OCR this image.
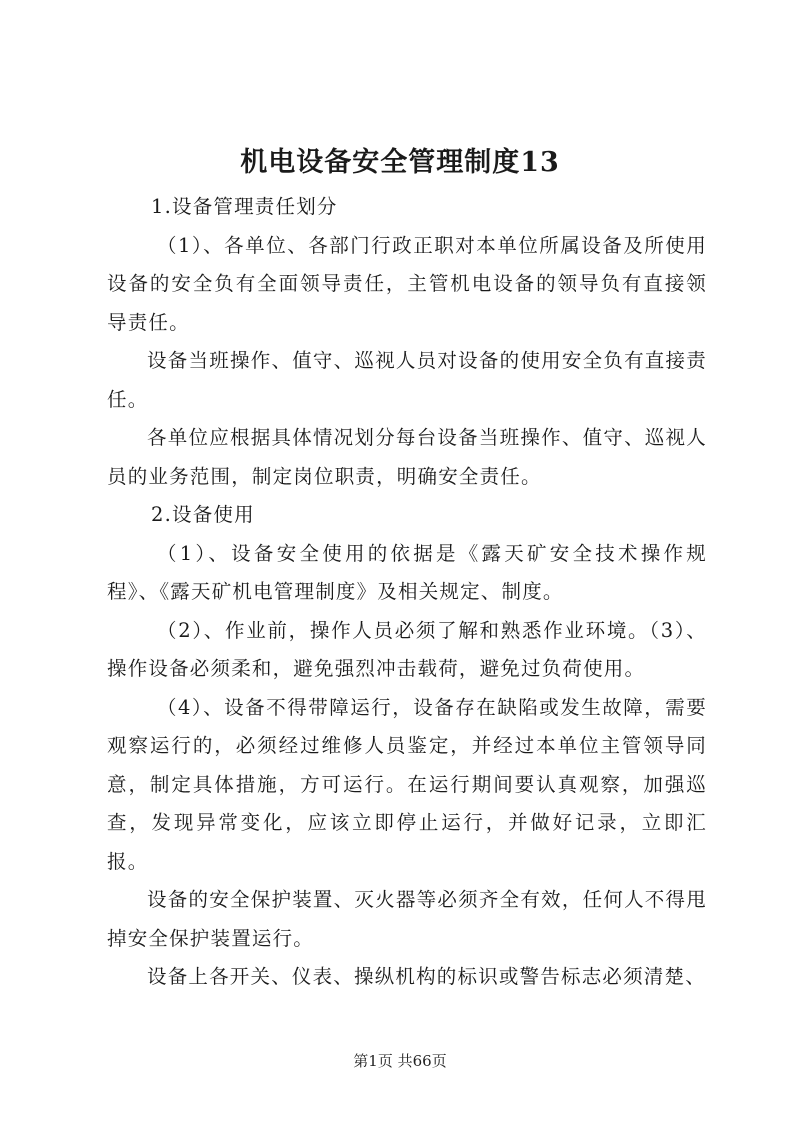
机电设备安全管理制度13

1.设备管理责任划分

（1）、各单位、各部门行政正职对本单位所属设备及所使用设备的安全负有全面领导责任，主管机电设备的领导负有直接领导责任。

设备当班操作、值守、巡视人员对设备的使用安全负有直接责任。

各单位应根据具体情况划分每台设备当班操作、值守、巡视人员的业务范围，制定岗位职责，明确安全责任。

2.设备使用

（1）、设备安全使用的依据是《露天矿安全技术操作规程》、《露天矿机电管理制度》及相关规定、制度。

（2）、作业前，操作人员必须了解和熟悉作业环境。（3）、操作设备必须柔和，避免强烈冲击载荷，避免过负荷使用。

（4）、设备不得带障运行，设备存在缺陷或发生故障，需要观察运行的，必须经过维修人员鉴定，并经过本单位主管领导同意，制定具体措施，方可运行。在运行期间要认真观察，加强巡查，发现异常变化，应该立即停止运行，并做好记录，立即汇报。

设备的安全保护装置、灭火器等必须齐全有效，任何人不得甩掉安全保护装置运行。

设备上各开关、仪表、操纵机构的标识或警告标志必须清楚、

第1页 共66页
